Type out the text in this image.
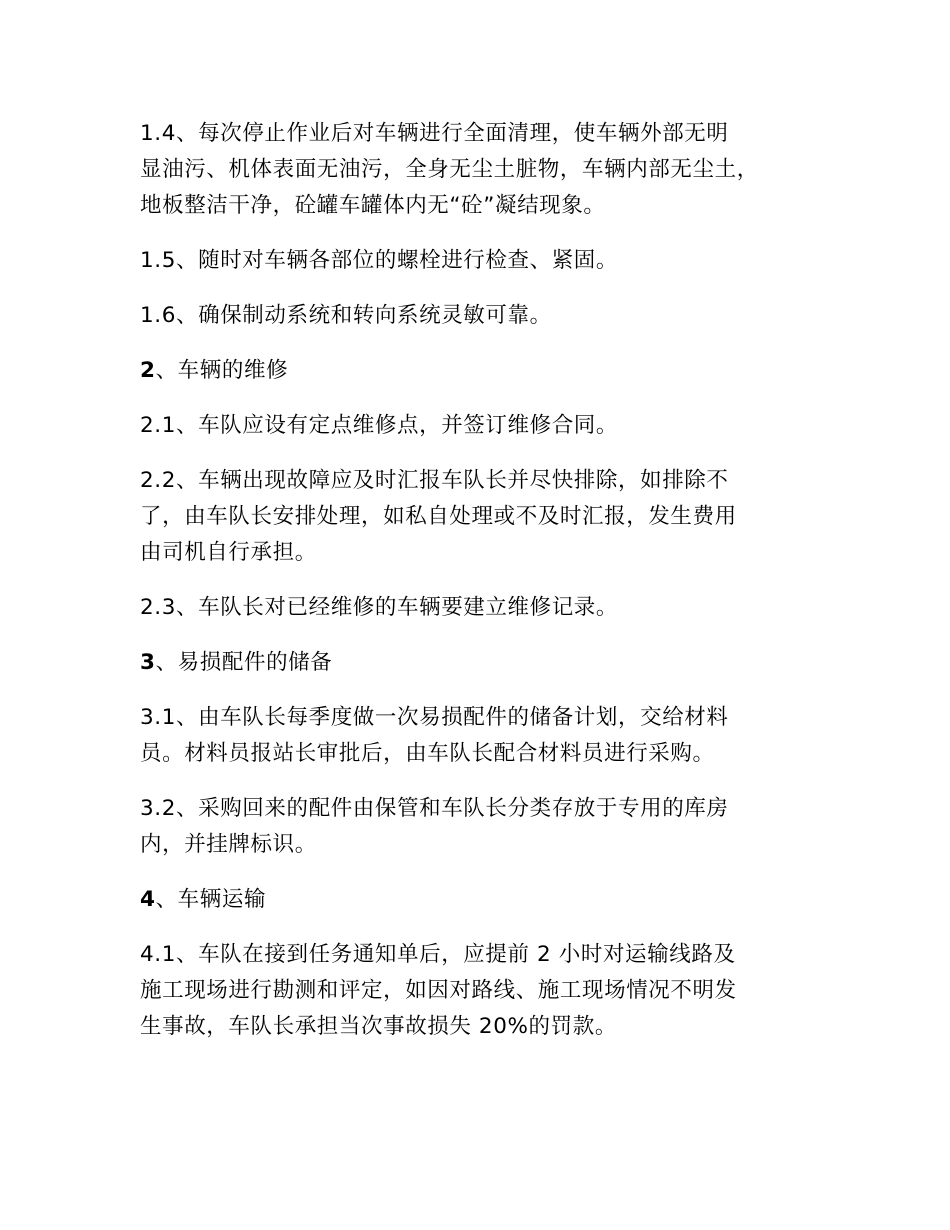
1.4、每次停止作业后对车辆进行全面清理，使车辆外部无明
显油污、机体表面无油污，全身无尘土脏物，车辆内部无尘土，
地板整洁干净，砼罐车罐体内无“砼”凝结现象。

1.5、随时对车辆各部位的螺栓进行检查、紧固。

1.6、确保制动系统和转向系统灵敏可靠。

2、车辆的维修

2.1、车队应设有定点维修点，并签订维修合同。

2.2、车辆出现故障应及时汇报车队长并尽快排除，如排除不
了，由车队长安排处理，如私自处理或不及时汇报，发生费用
由司机自行承担。

2.3、车队长对已经维修的车辆要建立维修记录。

3、易损配件的储备

3.1、由车队长每季度做一次易损配件的储备计划，交给材料
员。材料员报站长审批后，由车队长配合材料员进行采购。

3.2、采购回来的配件由保管和车队长分类存放于专用的库房
内，并挂牌标识。

4、车辆运输

4.1、车队在接到任务通知单后，应提前 2 小时对运输线路及
施工现场进行勘测和评定，如因对路线、施工现场情况不明发
生事故，车队长承担当次事故损失 20%的罚款。
